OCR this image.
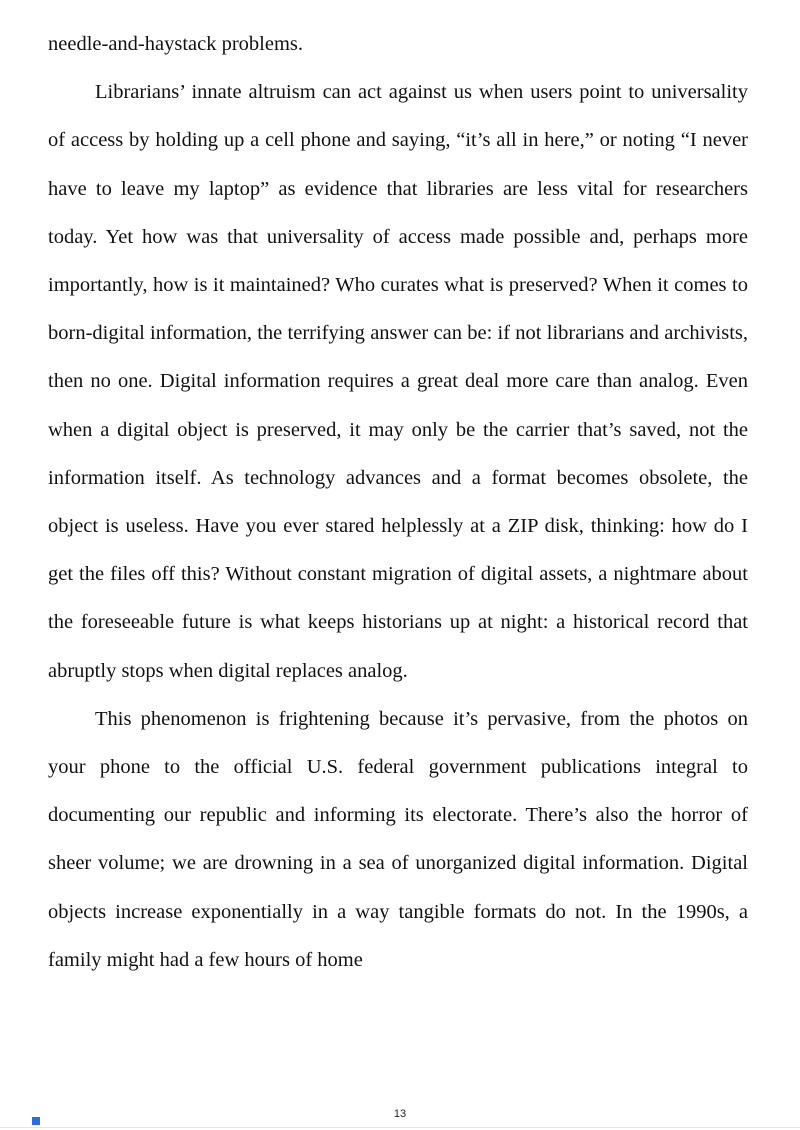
needle-and-haystack problems.

Librarians’ innate altruism can act against us when users point to universality of access by holding up a cell phone and saying, “it’s all in here,” or noting “I never have to leave my laptop” as evidence that libraries are less vital for researchers today. Yet how was that universality of access made possible and, perhaps more importantly, how is it maintained? Who curates what is preserved? When it comes to born-digital information, the terrifying answer can be: if not librarians and archivists, then no one. Digital information requires a great deal more care than analog. Even when a digital object is preserved, it may only be the carrier that’s saved, not the information itself. As technology advances and a format becomes obsolete, the object is useless. Have you ever stared helplessly at a ZIP disk, thinking: how do I get the files off this? Without constant migration of digital assets, a nightmare about the foreseeable future is what keeps historians up at night: a historical record that abruptly stops when digital replaces analog.

This phenomenon is frightening because it’s pervasive, from the photos on your phone to the official U.S. federal government publications integral to documenting our republic and informing its electorate. There’s also the horror of sheer volume; we are drowning in a sea of unorganized digital information. Digital objects increase exponentially in a way tangible formats do not. In the 1990s, a family might had a few hours of home

13
